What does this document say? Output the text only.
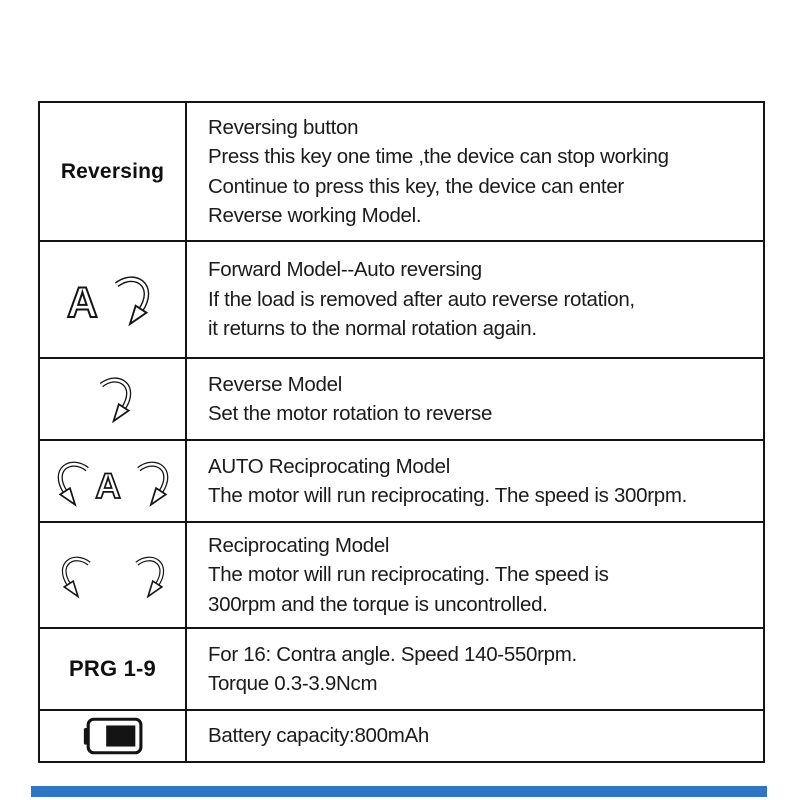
Reversing
Reversing button
Press this key one time ,the device can stop working
Continue to press this key, the device can enter
Reverse working Model.
A
Forward Model--Auto reversing
If the load is removed after auto reverse rotation,
it returns to the normal rotation again.
Reverse Model
Set the motor rotation to reverse
A	AUTO Reciprocating Model
The motor will run reciprocating. The speed is 300rpm.
Reciprocating Model
The motor will run reciprocating. The speed is
300rpm and the torque is uncontrolled.
PRG 1-9
For 16: Contra angle. Speed 140-550rpm.
Torque 0.3-3.9Ncm
Battery capacity:800mAh
